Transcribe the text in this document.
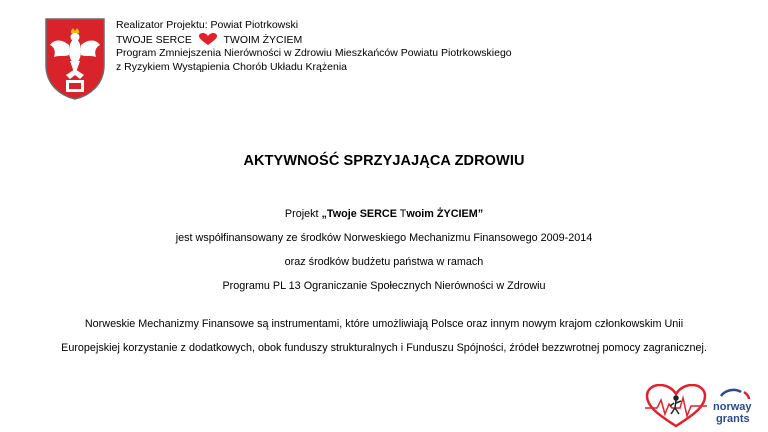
Realizator Projektu: Powiat Piotrkowski
TWOJE SERCE	TWOIM ŻYCIEM
Program Zmniejszenia Nierówności w Zdrowiu Mieszkańców Powiatu Piotrkowskiego
z Ryzykiem Wystąpienia Chorób Układu Krążenia
AKTYWNOŚĆ SPRZYJAJĄCA ZDROWIU
Projekt „Twoje SERCE Twoim ŻYCIEM”
jest współfinansowany ze środków Norweskiego Mechanizmu Finansowego 2009-2014
oraz środków budżetu państwa w ramach
Programu PL 13 Ograniczanie Społecznych Nierówności w Zdrowiu
Norweskie Mechanizmy Finansowe są instrumentami, które umożliwiają Polsce oraz innym nowym krajom członkowskim Unii
Europejskiej korzystanie z dodatkowych, obok funduszy strukturalnych i Funduszu Spójności, źródeł bezzwrotnej pomocy zagranicznej.
norway
grants
